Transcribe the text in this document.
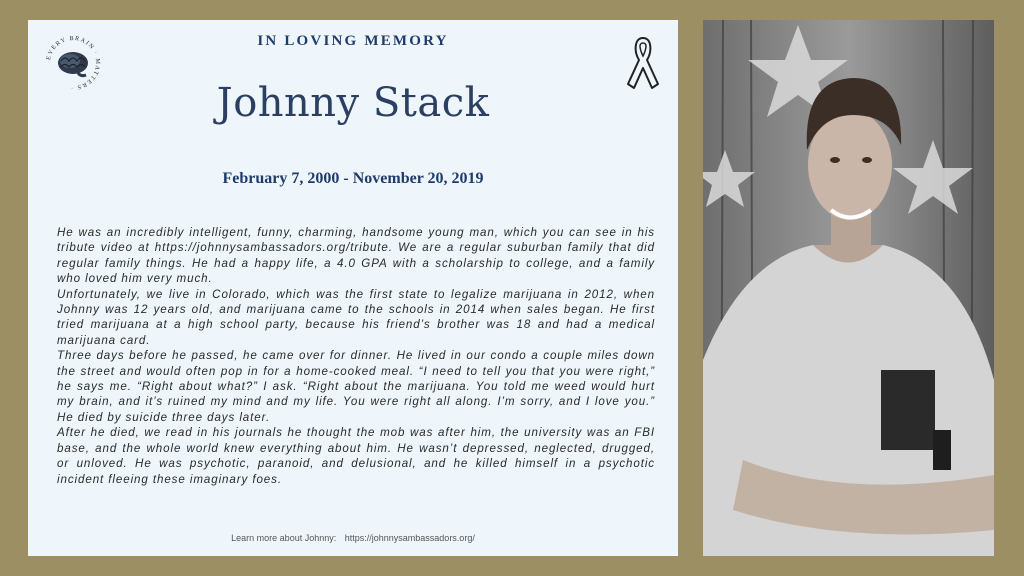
EVERY BRAIN · MATTERS ·
IN LOVING MEMORY
Johnny Stack
February 7, 2000 - November 20, 2019

He was an incredibly intelligent, funny, charming, handsome young man, which you can see in his tribute video at https://johnnysambassadors.org/tribute. We are a regular suburban family that did regular family things. He had a happy life, a 4.0 GPA with a scholarship to college, and a family who loved him very much.

Unfortunately, we live in Colorado, which was the first state to legalize marijuana in 2012, when Johnny was 12 years old, and marijuana came to the schools in 2014 when sales began. He first tried marijuana at a high school party, because his friend’s brother was 18 and had a medical marijuana card.

Three days before he passed, he came over for dinner. He lived in our condo a couple miles down the street and would often pop in for a home-cooked meal. “I need to tell you that you were right,” he says me. “Right about what?” I ask. “Right about the marijuana. You told me weed would hurt my brain, and it’s ruined my mind and my life. You were right all along. I’m sorry, and I love you.” He died by suicide three days later.

After he died, we read in his journals he thought the mob was after him, the university was an FBI base, and the whole world knew everything about him. He wasn’t depressed, neglected, drugged, or unloved. He was psychotic, paranoid, and delusional, and he killed himself in a psychotic incident fleeing these imaginary foes.

Learn more about Johnny: https://johnnysambassadors.org/
